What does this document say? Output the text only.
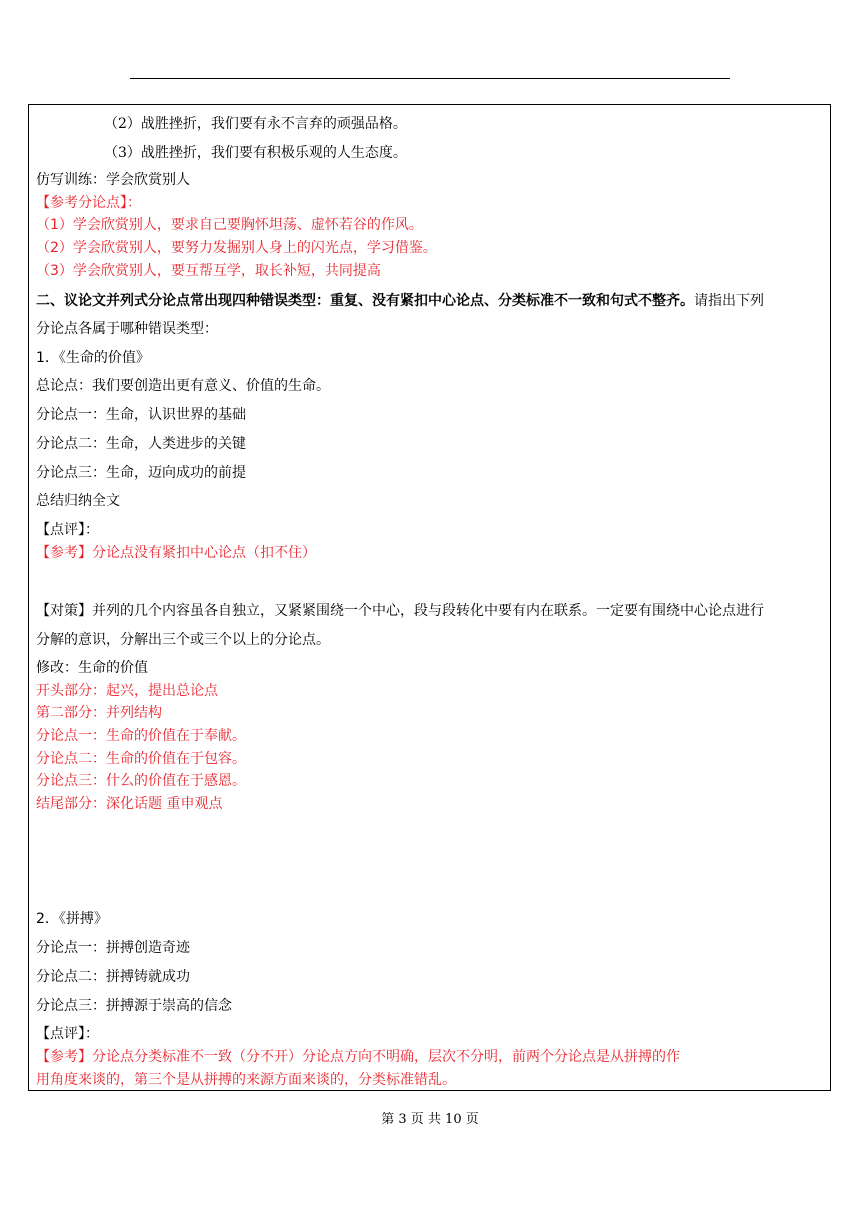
（2）战胜挫折，我们要有永不言弃的顽强品格。
（3）战胜挫折，我们要有积极乐观的人生态度。
仿写训练：学会欣赏别人
【参考分论点】：
（1）学会欣赏别人，要求自己要胸怀坦荡、虚怀若谷的作风。
（2）学会欣赏别人，要努力发掘别人身上的闪光点，学习借鉴。
（3）学会欣赏别人，要互帮互学，取长补短，共同提高
二、议论文并列式分论点常出现四种错误类型：重复、没有紧扣中心论点、分类标准不一致和句式不整齐。请指出下列
分论点各属于哪种错误类型：
1．《生命的价值》
总论点：我们要创造出更有意义、价值的生命。
分论点一：生命，认识世界的基础
分论点二：生命，人类进步的关键
分论点三：生命，迈向成功的前提
总结归纳全文
【点评】：
【参考】分论点没有紧扣中心论点（扣不住）
【对策】并列的几个内容虽各自独立，又紧紧围绕一个中心，段与段转化中要有内在联系。一定要有围绕中心论点进行
分解的意识，分解出三个或三个以上的分论点。
修改：生命的价值
开头部分：起兴，提出总论点
第二部分：并列结构
分论点一：生命的价值在于奉献。
分论点二：生命的价值在于包容。
分论点三：什么的价值在于感恩。
结尾部分：深化话题 重申观点
2．《拼搏》
分论点一：拼搏创造奇迹
分论点二：拼搏铸就成功
分论点三：拼搏源于崇高的信念
【点评】：
【参考】分论点分类标准不一致（分不开）分论点方向不明确，层次不分明，前两个分论点是从拼搏的作
用角度来谈的，第三个是从拼搏的来源方面来谈的，分类标准错乱。
第 3 页 共 10 页
